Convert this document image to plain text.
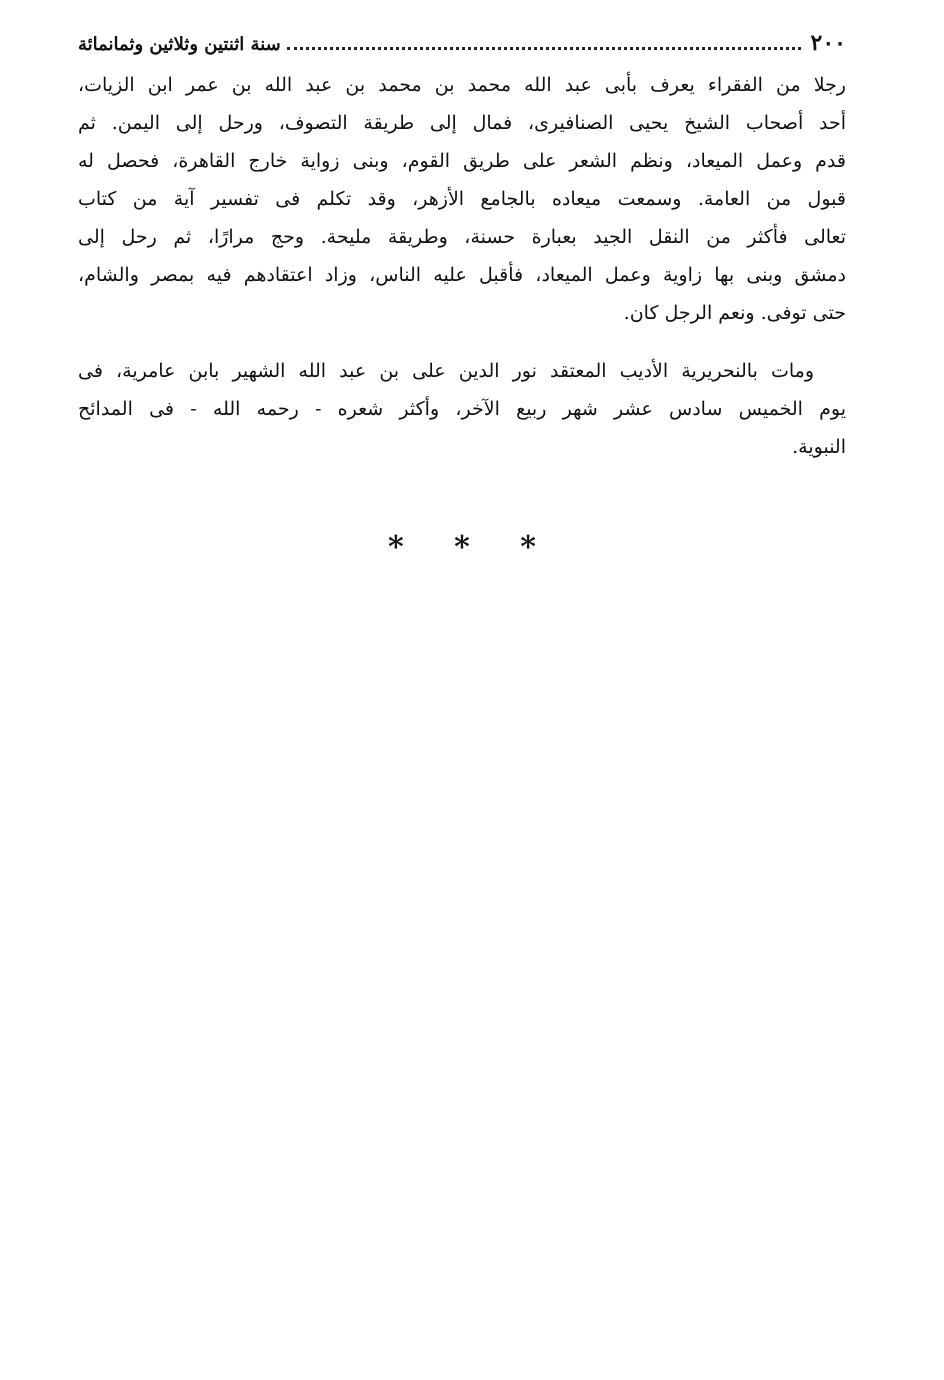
٢٠٠
سنة اثنتين وثلاثين وثمانمائة
رجلا من الفقراء يعرف بأبى عبد الله محمد بن محمد بن عبد الله بن عمر ابن الزيات،
أحد أصحاب الشيخ يحيى الصنافيرى، فمال إلى طريقة التصوف، ورحل إلى اليمن. ثم
قدم وعمل الميعاد، ونظم الشعر على طريق القوم، وبنى زواية خارج القاهرة، فحصل له
قبول من العامة. وسمعت ميعاده بالجامع الأزهر، وقد تكلم فى تفسير آية من كتاب
تعالى فأكثر من النقل الجيد بعبارة حسنة، وطريقة مليحة. وحج مرارًا، ثم رحل إلى
دمشق وبنى بها زاوية وعمل الميعاد، فأقبل عليه الناس، وزاد اعتقادهم فيه بمصر والشام،
حتى توفى. ونعم الرجل كان.
ومات بالنحريرية الأديب المعتقد نور الدين على بن عبد الله الشهير بابن عامرية، فى
يوم الخميس سادس عشر شهر ربيع الآخر، وأكثر شعره - رحمه الله - فى المدائح
النبوية.
* * *
